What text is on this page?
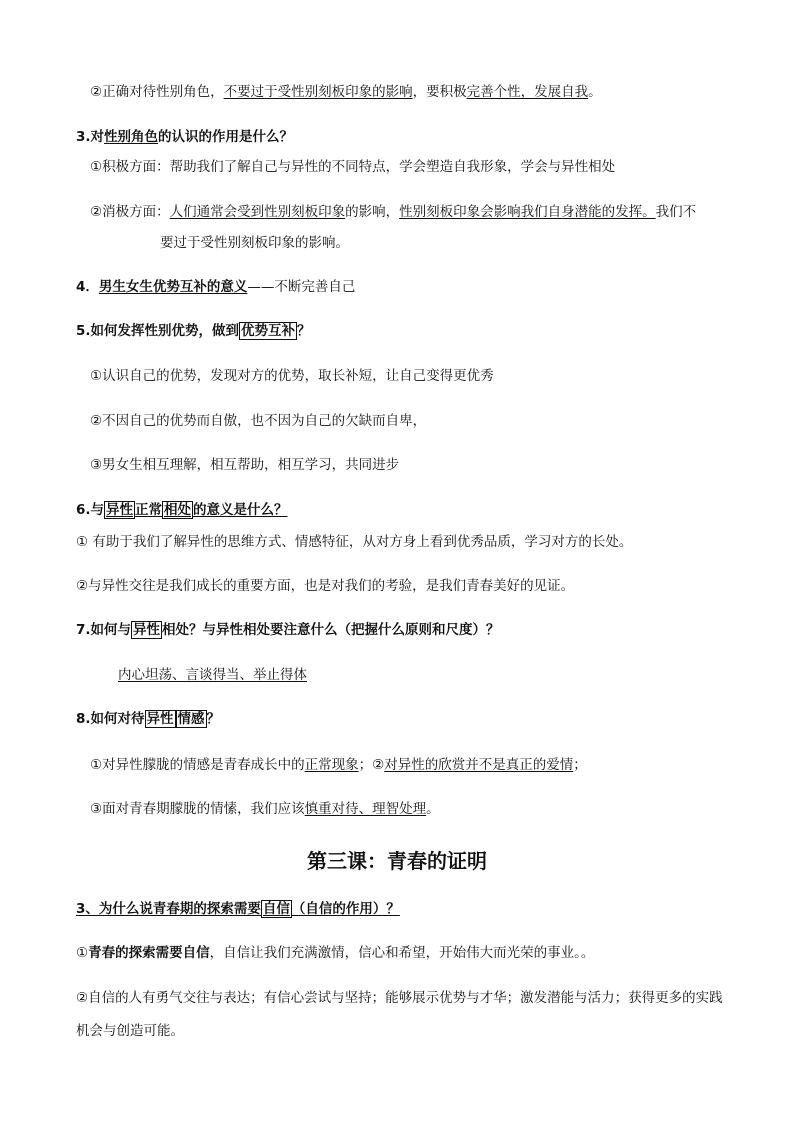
②正确对待性别角色，不要过于受性别刻板印象的影响，要积极完善个性，发展自我。
3.对性别角色的认识的作用是什么？
①积极方面：帮助我们了解自己与异性的不同特点，学会塑造自我形象，学会与异性相处
②消极方面：人们通常会受到性别刻板印象的影响，性别刻板印象会影响我们自身潜能的发挥。我们不
要过于受性别刻板印象的影响。
4．男生女生优势互补的意义——不断完善自己
5.如何发挥性别优势，做到 优势互补 ？
①认识自己的优势，发现对方的优势，取长补短，让自己变得更优秀
②不因自己的优势而自傲，也不因为自己的欠缺而自卑，
③男女生相互理解，相互帮助，相互学习，共同进步
6.与 异性 正常 相处 的意义是什么？
① 有助于我们了解异性的思维方式、情感特征，从对方身上看到优秀品质，学习对方的长处。
②与异性交往是我们成长的重要方面，也是对我们的考验，是我们青春美好的见证。
7.如何与 异性 相处？与异性相处要注意什么（把握什么原则和尺度）？
内心坦荡、言谈得当、举止得体
8.如何对待 异性 情感 ？
①对异性朦胧的情感是青春成长中的正常现象；②对异性的欣赏并不是真正的爱情；
③面对青春期朦胧的情愫，我们应该慎重对待、理智处理。
第三课：青春的证明
3、为什么说青春期的探索需要 自信 （自信的作用）？
①青春的探索需要自信，自信让我们充满激情，信心和希望，开始伟大而光荣的事业。。
②自信的人有勇气交往与表达；有信心尝试与坚持；能够展示优势与才华；激发潜能与活力；获得更多的实践机会与创造可能。
